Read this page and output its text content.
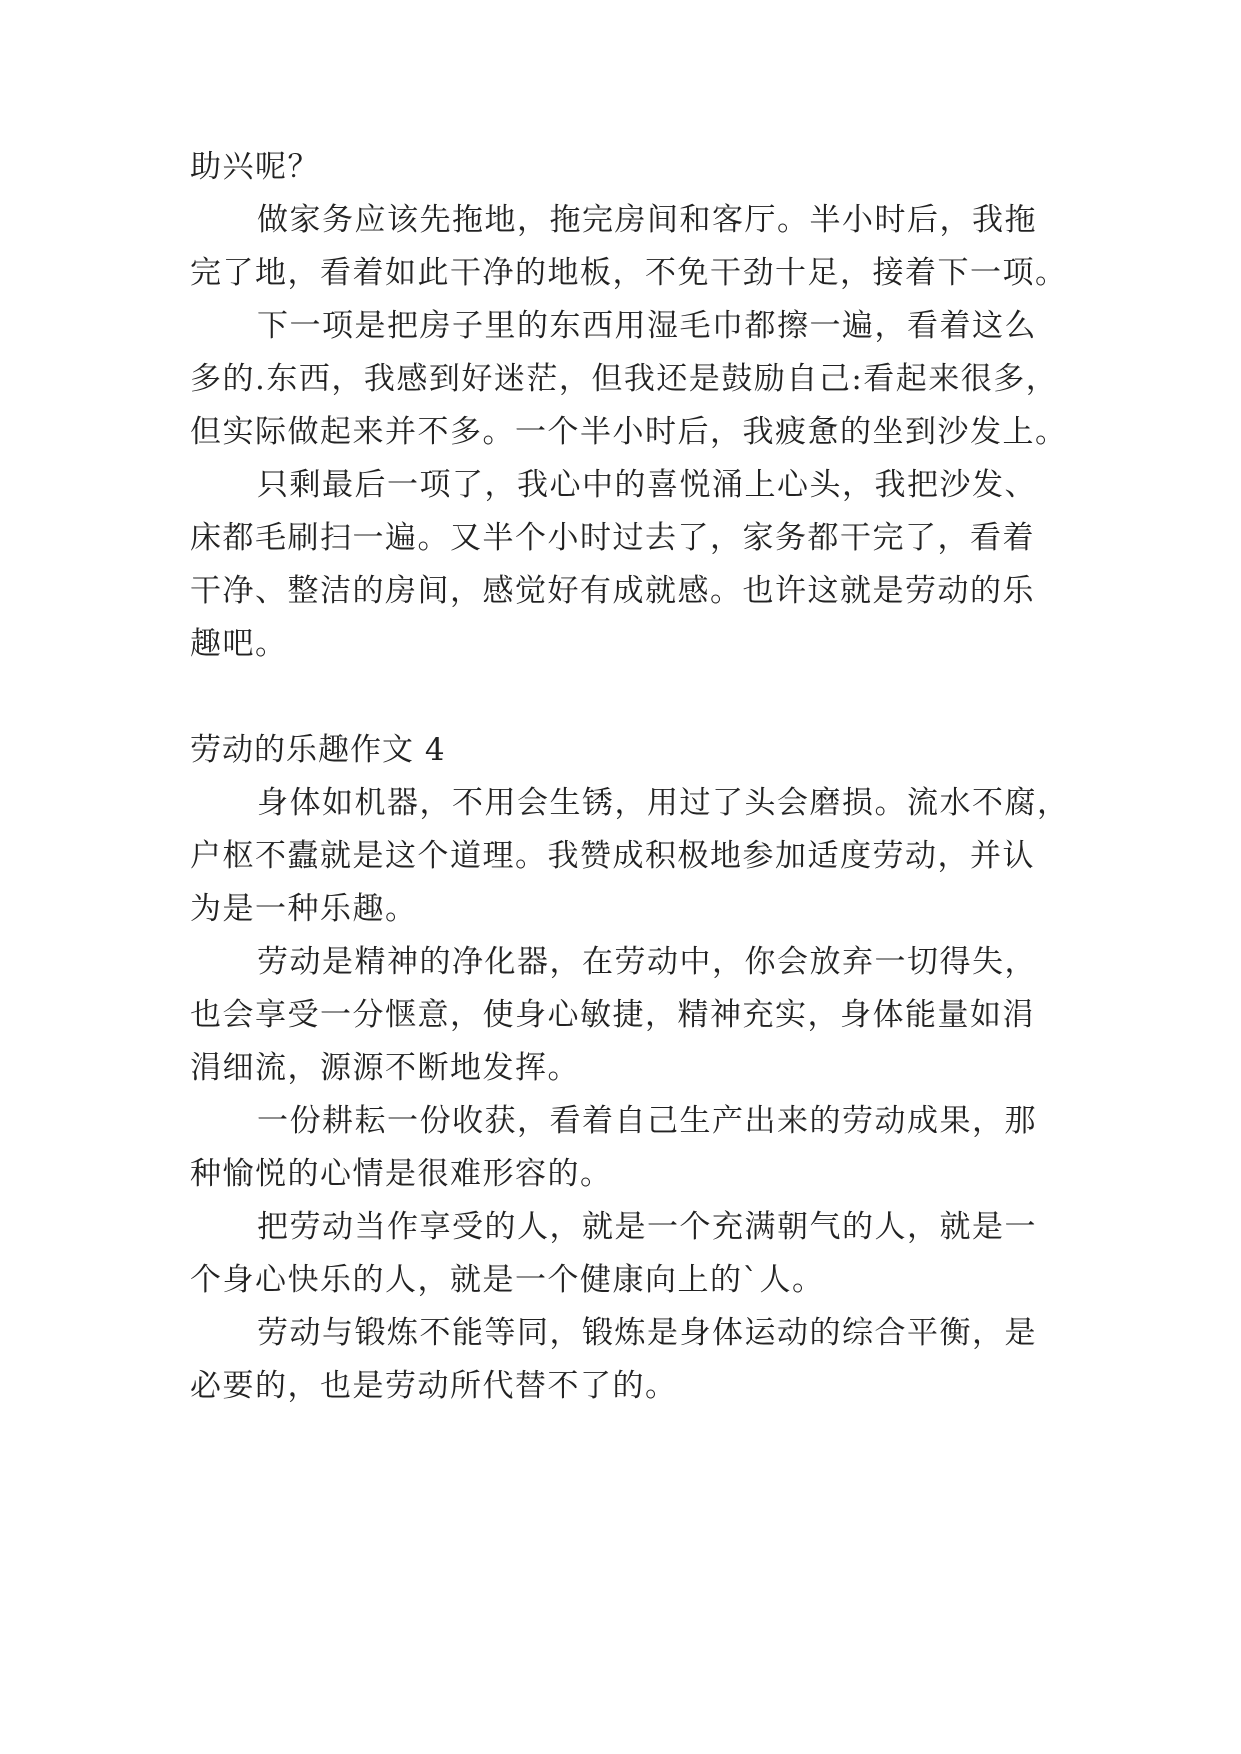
助兴呢？
做家务应该先拖地，拖完房间和客厅。半小时后，我拖
完了地，看着如此干净的地板，不免干劲十足，接着下一项。
下一项是把房子里的东西用湿毛巾都擦一遍，看着这么
多的.东西，我感到好迷茫，但我还是鼓励自己:看起来很多，
但实际做起来并不多。一个半小时后，我疲惫的坐到沙发上。
只剩最后一项了，我心中的喜悦涌上心头，我把沙发、
床都毛刷扫一遍。又半个小时过去了，家务都干完了，看着
干净、整洁的房间，感觉好有成就感。也许这就是劳动的乐
趣吧。
劳动的乐趣作文 4
身体如机器，不用会生锈，用过了头会磨损。流水不腐，
户枢不蠹就是这个道理。我赞成积极地参加适度劳动，并认
为是一种乐趣。
劳动是精神的净化器，在劳动中，你会放弃一切得失，
也会享受一分惬意，使身心敏捷，精神充实，身体能量如涓
涓细流，源源不断地发挥。
一份耕耘一份收获，看着自己生产出来的劳动成果，那
种愉悦的心情是很难形容的。
把劳动当作享受的人，就是一个充满朝气的人，就是一
个身心快乐的人，就是一个健康向上的`人。
劳动与锻炼不能等同，锻炼是身体运动的综合平衡，是
必要的，也是劳动所代替不了的。
